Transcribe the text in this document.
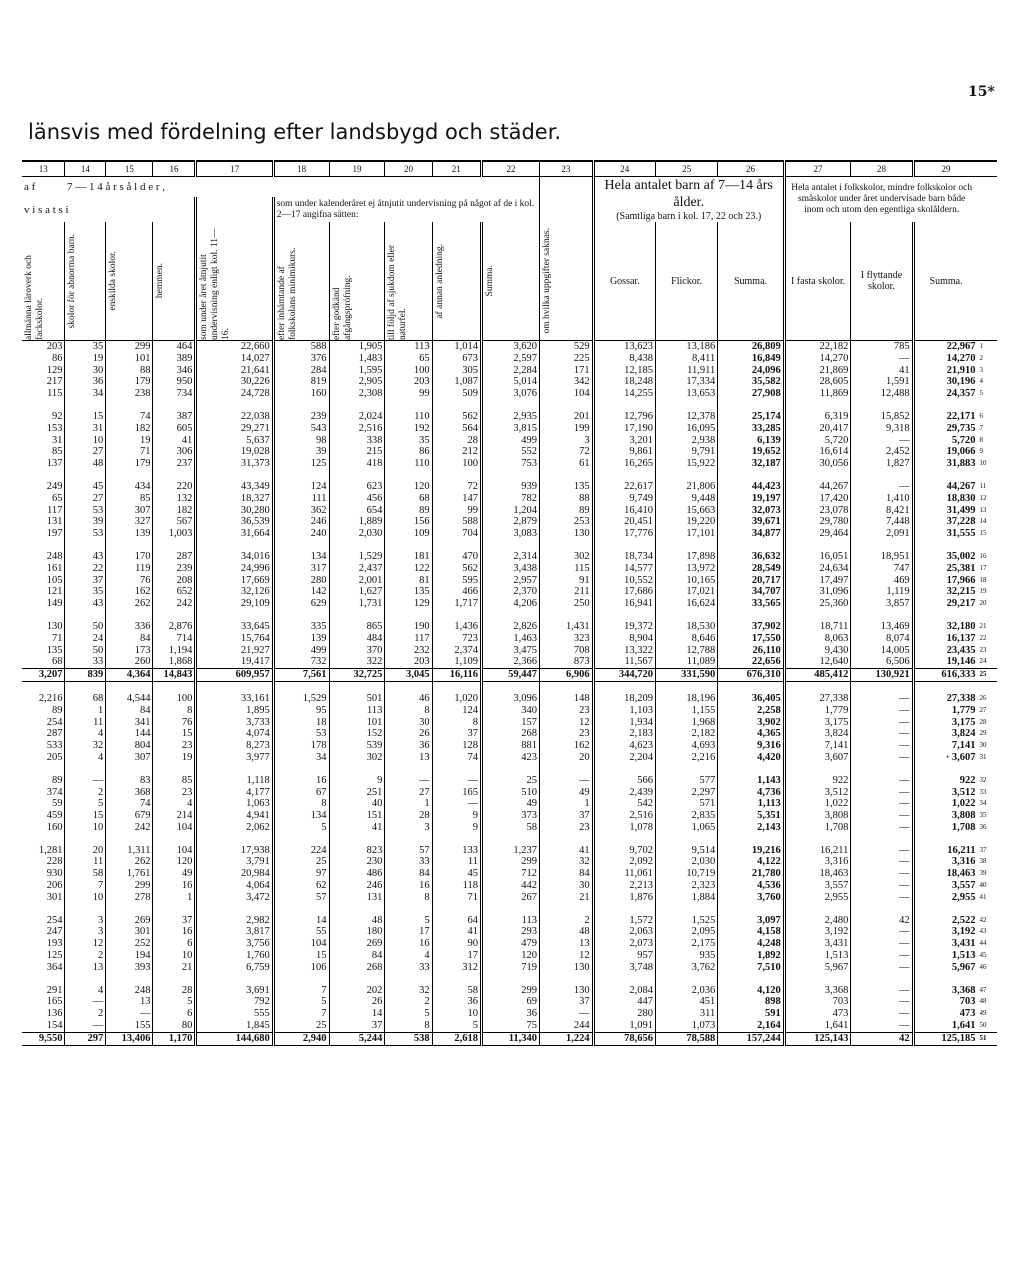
15*
länsvis med fördelning efter landsbygd och städer.
13	14	15	16	17	18	19	20	21	22	23	24	25	26	27	28	29	
a f	7 — 1 4 å r s å l d e r ,										Hela antalet barn af 7—14 års ålder.
(Samtliga barn i kol. 17, 22 och 23.)			Hela antalet i folkskolor, mindre folkskolor och småskolor under året undervisade barn både inom och utom den egentliga skolåldern.			
v i s a t s i					som under kalenderåret ej åtnjutit undervisning på något af de i kol. 2—17 angifna sätten:												

allmänna läroverk och fackskolor.	skolor för abnorma barn.	enskilda skolor.	hemmen.	som under året åtnjutit undervisning enligt kol. 11—16.	efter inhämtande af folkskolans minimikurs.	efter godkänd afgångspröfning.	till följd af sjukdom eller naturfel.	af annan anledning.	Summa.	om hvilka uppgifter saknas.	Gossar.	Flickor.	Summa.	I fasta skolor.	I flyttande skolor.	Summa.	
203	35	299	464	22,660	588	1,905	113	1,014	3,620	529	13,623	13,186	26,809	22,182	785	22,967	1
86	19	101	389	14,027	376	1,483	65	673	2,597	225	8,438	8,411	16,849	14,270	—	14,270	2
129	30	88	346	21,641	284	1,595	100	305	2,284	171	12,185	11,911	24,096	21,869	41	21,910	3
217	36	179	950	30,226	819	2,905	203	1,087	5,014	342	18,248	17,334	35,582	28,605	1,591	30,196	4
115	34	238	734	24,728	160	2,308	99	509	3,076	104	14,255	13,653	27,908	11,869	12,488	24,357	5

92	15	74	387	22,038	239	2,024	110	562	2,935	201	12,796	12,378	25,174	6,319	15,852	22,171	6
153	31	182	605	29,271	543	2,516	192	564	3,815	199	17,190	16,095	33,285	20,417	9,318	29,735	7
31	10	19	41	5,637	98	338	35	28	499	3	3,201	2,938	6,139	5,720	—	5,720	8
85	27	71	306	19,028	39	215	86	212	552	72	9,861	9,791	19,652	16,614	2,452	19,066	9
137	48	179	237	31,373	125	418	110	100	753	61	16,265	15,922	32,187	30,056	1,827	31,883	10

249	45	434	220	43,349	124	623	120	72	939	135	22,617	21,806	44,423	44,267	—	44,267	11
65	27	85	132	18,327	111	456	68	147	782	88	9,749	9,448	19,197	17,420	1,410	18,830	12
117	53	307	182	30,280	362	654	89	99	1,204	89	16,410	15,663	32,073	23,078	8,421	31,499	13
131	39	327	567	36,539	246	1,889	156	588	2,879	253	20,451	19,220	39,671	29,780	7,448	37,228	14
197	53	139	1,003	31,664	240	2,030	109	704	3,083	130	17,776	17,101	34,877	29,464	2,091	31,555	15

248	43	170	287	34,016	134	1,529	181	470	2,314	302	18,734	17,898	36,632	16,051	18,951	35,002	16
161	22	119	239	24,996	317	2,437	122	562	3,438	115	14,577	13,972	28,549	24,634	747	25,381	17
105	37	76	208	17,669	280	2,001	81	595	2,957	91	10,552	10,165	20,717	17,497	469	17,966	18
121	35	162	652	32,126	142	1,627	135	466	2,370	211	17,686	17,021	34,707	31,096	1,119	32,215	19
149	43	262	242	29,109	629	1,731	129	1,717	4,206	250	16,941	16,624	33,565	25,360	3,857	29,217	20

130	50	336	2,876	33,645	335	865	190	1,436	2,826	1,431	19,372	18,530	37,902	18,711	13,469	32,180	21
71	24	84	714	15,764	139	484	117	723	1,463	323	8,904	8,646	17,550	8,063	8,074	16,137	22
135	50	173	1,194	21,927	499	370	232	2,374	3,475	708	13,322	12,788	26,110	9,430	14,005	23,435	23
68	33	260	1,868	19,417	732	322	203	1,109	2,366	873	11,567	11,089	22,656	12,640	6,506	19,146	24
3,207	839	4,364	14,843	609,957	7,561	32,725	3,045	16,116	59,447	6,906	344,720	331,590	676,310	485,412	130,921	616,333	25

2,216	68	4,544	100	33,161	1,529	501	46	1,020	3,096	148	18,209	18,196	36,405	27,338	—	27,338	26
89	1	84	8	1,895	95	113	8	124	340	23	1,103	1,155	2,258	1,779	—	1,779	27
254	11	341	76	3,733	18	101	30	8	157	12	1,934	1,968	3,902	3,175	—	3,175	28
287	4	144	15	4,074	53	152	26	37	268	23	2,183	2,182	4,365	3,824	—	3,824	29
533	32	804	23	8,273	178	539	36	128	881	162	4,623	4,693	9,316	7,141	—	7,141	30
205	4	307	19	3,977	34	302	13	74	423	20	2,204	2,216	4,420	3,607	—	· 3,607	31

89	—	83	85	1,118	16	9	—	—	25	—	566	577	1,143	922	—	922	32
374	2	368	23	4,177	67	251	27	165	510	49	2,439	2,297	4,736	3,512	—	3,512	33
59	5	74	4	1,063	8	40	1	—	49	1	542	571	1,113	1,022	—	1,022	34
459	15	679	214	4,941	134	151	28	9	373	37	2,516	2,835	5,351	3,808	—	3,808	35
160	10	242	104	2,062	5	41	3	9	58	23	1,078	1,065	2,143	1,708	—	1,708	36

1,281	20	1,311	104	17,938	224	823	57	133	1,237	41	9,702	9,514	19,216	16,211	—	16,211	37
228	11	262	120	3,791	25	230	33	11	299	32	2,092	2,030	4,122	3,316	—	3,316	38
930	58	1,761	49	20,984	97	486	84	45	712	84	11,061	10,719	21,780	18,463	—	18,463	39
206	7	299	16	4,064	62	246	16	118	442	30	2,213	2,323	4,536	3,557	—	3,557	40
301	10	278	1	3,472	57	131	8	71	267	21	1,876	1,884	3,760	2,955	—	2,955	41

254	3	269	37	2,982	14	48	5	64	113	2	1,572	1,525	3,097	2,480	42	2,522	42
247	3	301	16	3,817	55	180	17	41	293	48	2,063	2,095	4,158	3,192	—	3,192	43
193	12	252	6	3,756	104	269	16	90	479	13	2,073	2,175	4,248	3,431	—	3,431	44
125	2	194	10	1,760	15	84	4	17	120	12	957	935	1,892	1,513	—	1,513	45
364	13	393	21	6,759	106	268	33	312	719	130	3,748	3,762	7,510	5,967	—	5,967	46

291	4	248	28	3,691	7	202	32	58	299	130	2,084	2,036	4,120	3,368	—	3,368	47
165	—	13	5	792	5	26	2	36	69	37	447	451	898	703	—	703	48
136	2	—	6	555	7	14	5	10	36	—	280	311	591	473	—	473	49
154	—	155	80	1,845	25	37	8	5	75	244	1,091	1,073	2,164	1,641	—	1,641	50
9,550	297	13,406	1,170	144,680	2,940	5,244	538	2,618	11,340	1,224	78,656	78,588	157,244	125,143	42	125,185	51
